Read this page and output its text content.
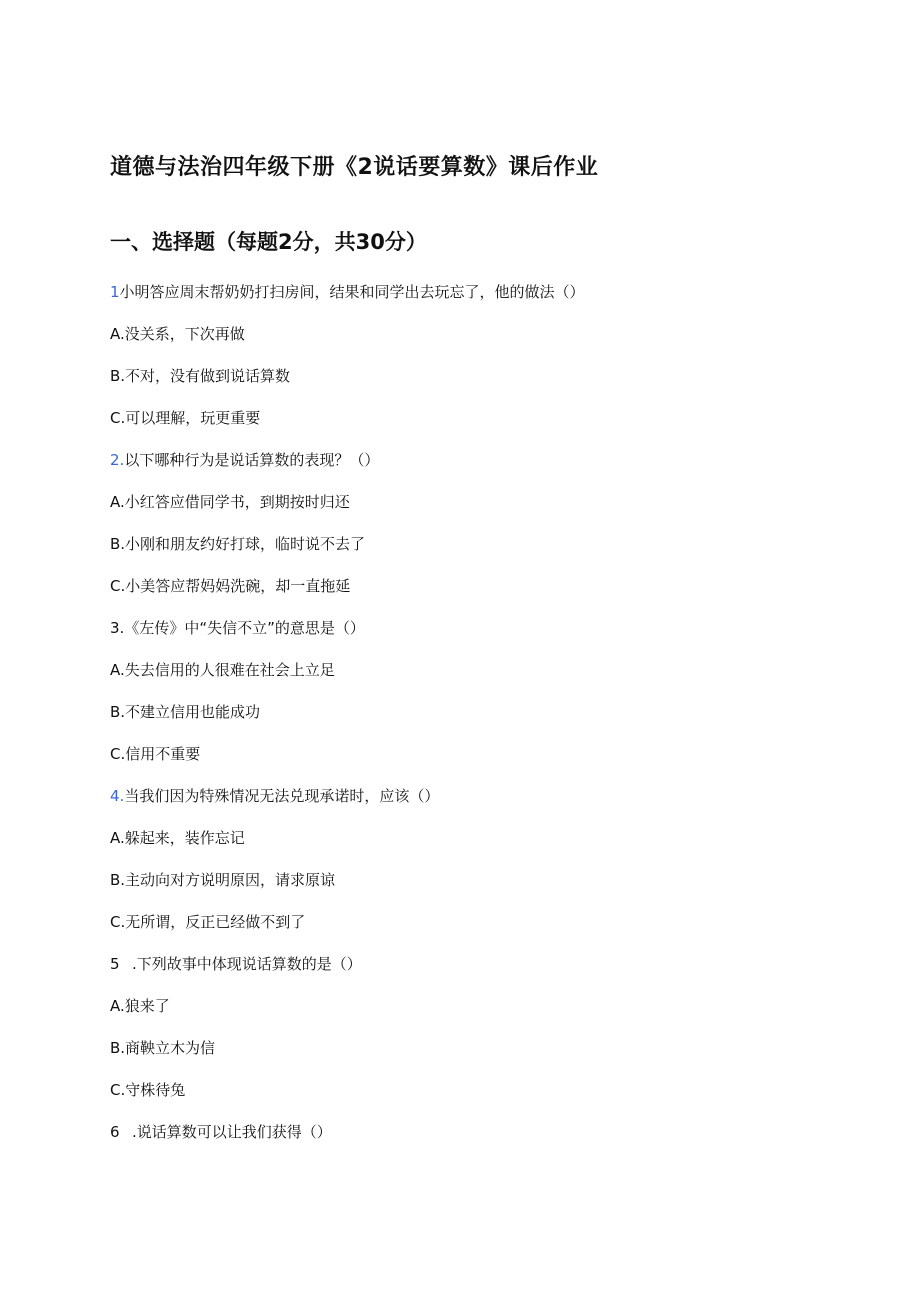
道德与法治四年级下册《2说话要算数》课后作业
一、选择题（每题2分，共30分）
1小明答应周末帮奶奶打扫房间，结果和同学出去玩忘了，他的做法（）
A.没关系，下次再做
B.不对，没有做到说话算数
C.可以理解，玩更重要
2.以下哪种行为是说话算数的表现？（）
A.小红答应借同学书，到期按时归还
B.小刚和朋友约好打球，临时说不去了
C.小美答应帮妈妈洗碗，却一直拖延
3.《左传》中“失信不立”的意思是（）
A.失去信用的人很难在社会上立足
B.不建立信用也能成功
C.信用不重要
4.当我们因为特殊情况无法兑现承诺时，应该（）
A.躲起来，装作忘记
B.主动向对方说明原因，请求原谅
C.无所谓，反正已经做不到了
5 .下列故事中体现说话算数的是（）
A.狼来了
B.商鞅立木为信
C.守株待兔
6 .说话算数可以让我们获得（）
